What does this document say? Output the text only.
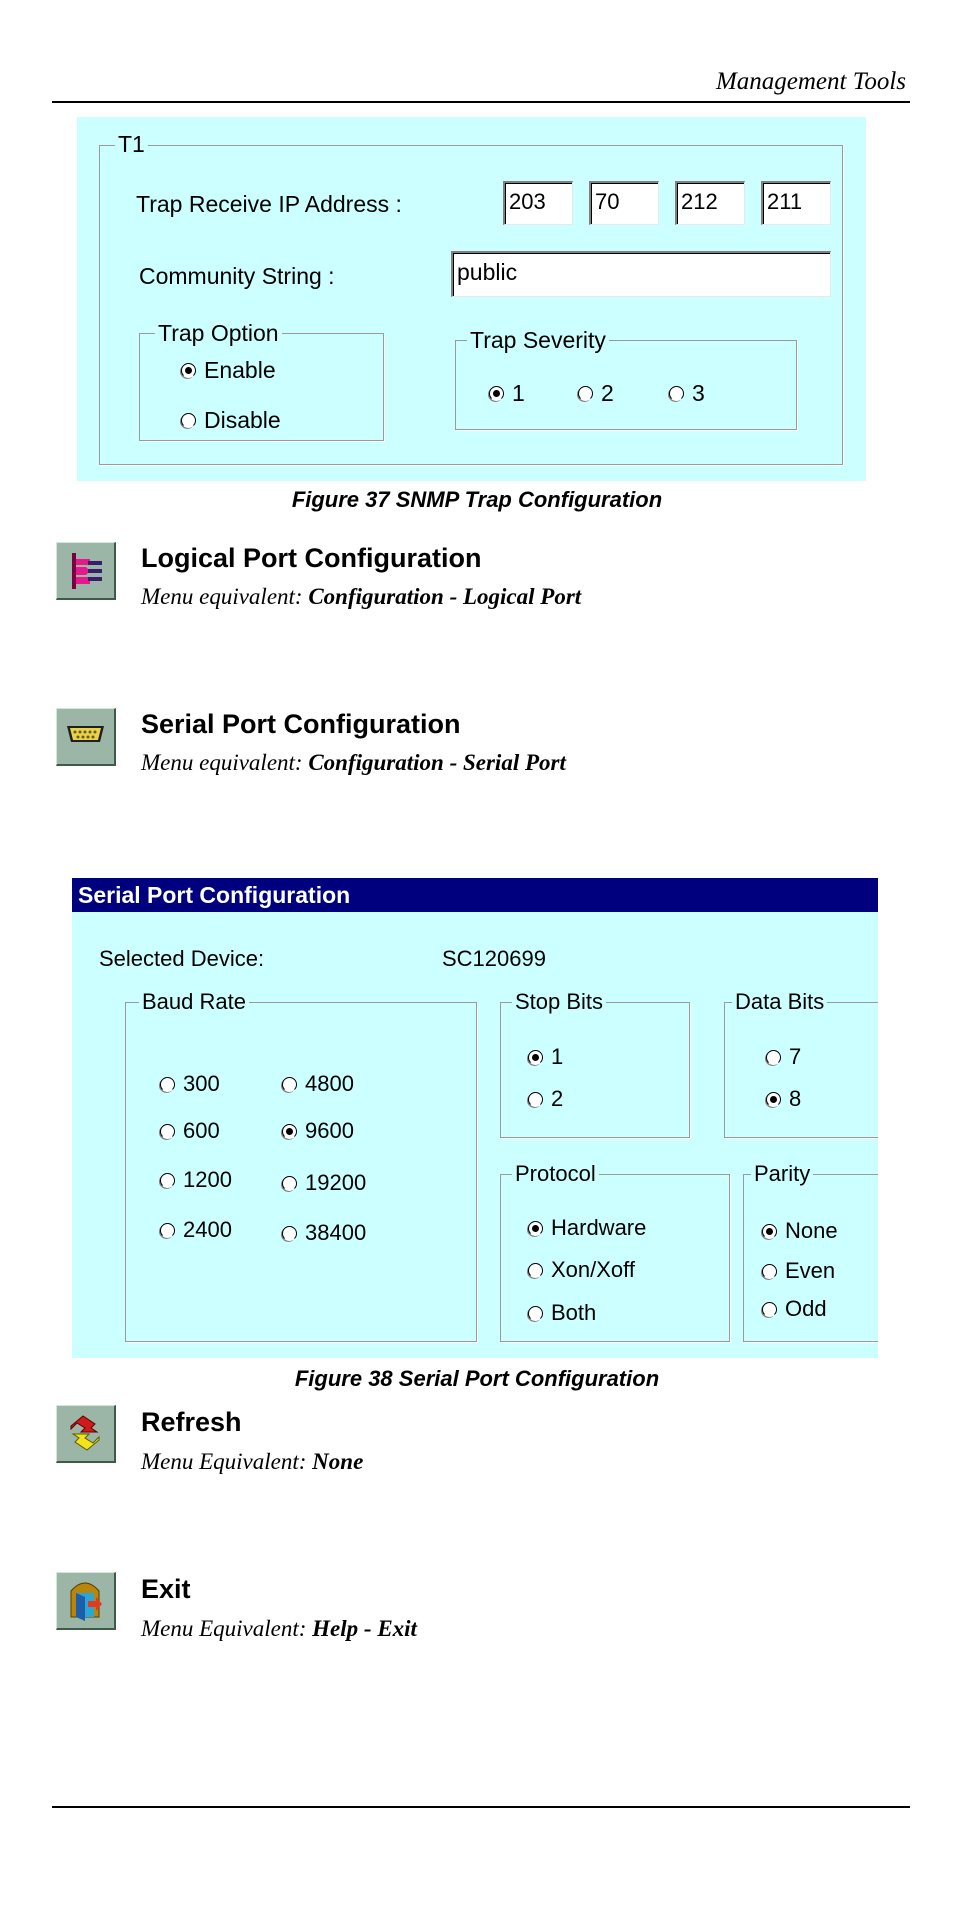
Management Tools
T1
Trap Receive IP Address :	203	70	212	211
Community String :	public
Trap Option
Enable
Disable
Trap Severity
1	2	3
Figure 37 SNMP Trap Configuration
Logical Port Configuration
Menu equivalent: Configuration - Logical Port
Serial Port Configuration
Menu equivalent: Configuration - Serial Port
Serial Port Configuration
Selected Device:	SC120699
Baud Rate
300	4800
600	9600
1200	19200
2400	38400
Stop Bits
1
2
Data Bits
7
8
Protocol
Hardware
Xon/Xoff
Both
Parity
None
Even
Odd
Figure 38 Serial Port Configuration
Refresh
Menu Equivalent: None
Exit
Menu Equivalent: Help - Exit
